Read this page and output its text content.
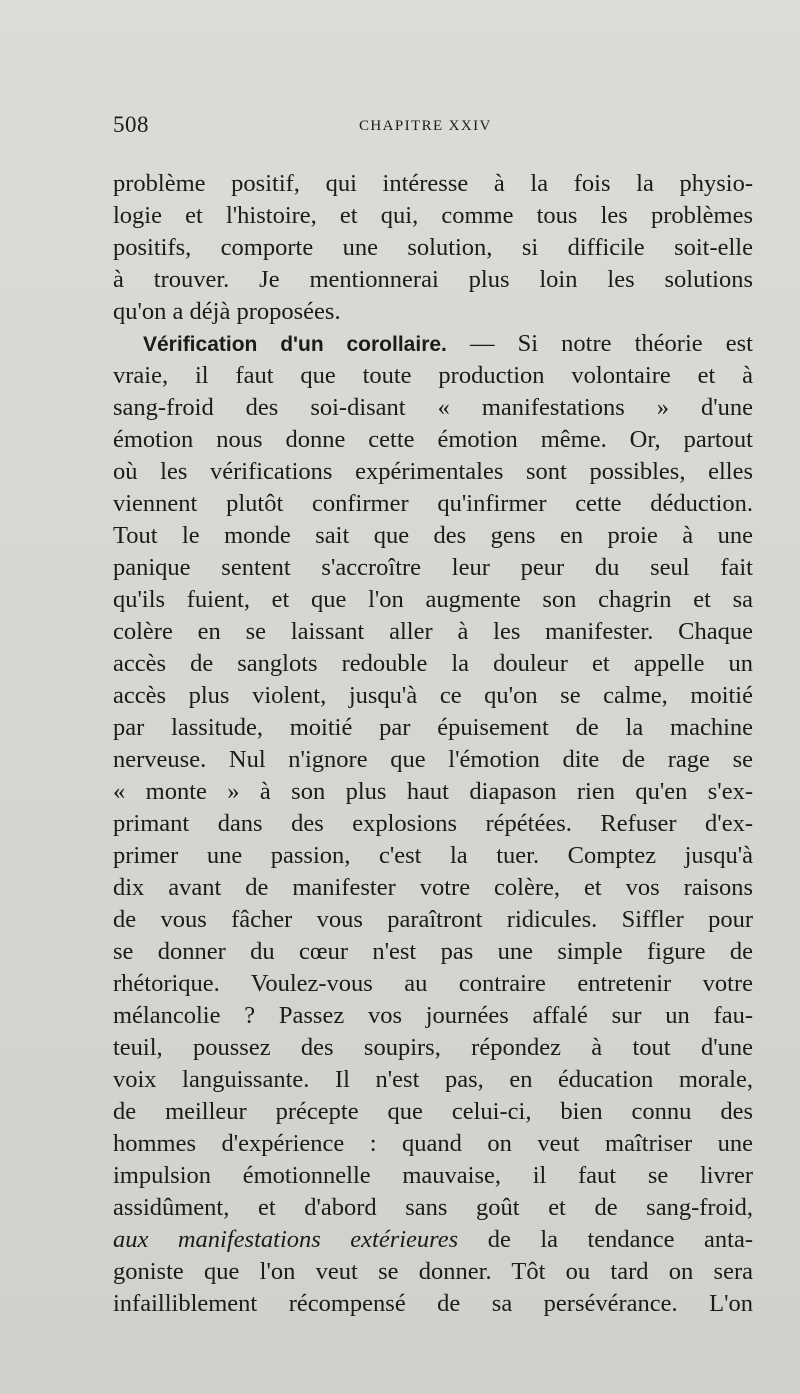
508	CHAPITRE XXIV
problème positif, qui intéresse à la fois la physio-
logie et l'histoire, et qui, comme tous les problèmes
positifs, comporte une solution, si difficile soit-elle
à trouver. Je mentionnerai plus loin les solutions
qu'on a déjà proposées.
Vérification d'un corollaire. — Si notre théorie est
vraie, il faut que toute production volontaire et à
sang-froid des soi-disant « manifestations » d'une
émotion nous donne cette émotion même. Or, partout
où les vérifications expérimentales sont possibles, elles
viennent plutôt confirmer qu'infirmer cette déduction.
Tout le monde sait que des gens en proie à une
panique sentent s'accroître leur peur du seul fait
qu'ils fuient, et que l'on augmente son chagrin et sa
colère en se laissant aller à les manifester. Chaque
accès de sanglots redouble la douleur et appelle un
accès plus violent, jusqu'à ce qu'on se calme, moitié
par lassitude, moitié par épuisement de la machine
nerveuse. Nul n'ignore que l'émotion dite de rage se
« monte » à son plus haut diapason rien qu'en s'ex-
primant dans des explosions répétées. Refuser d'ex-
primer une passion, c'est la tuer. Comptez jusqu'à
dix avant de manifester votre colère, et vos raisons
de vous fâcher vous paraîtront ridicules. Siffler pour
se donner du cœur n'est pas une simple figure de
rhétorique. Voulez-vous au contraire entretenir votre
mélancolie ? Passez vos journées affalé sur un fau-
teuil, poussez des soupirs, répondez à tout d'une
voix languissante. Il n'est pas, en éducation morale,
de meilleur précepte que celui-ci, bien connu des
hommes d'expérience : quand on veut maîtriser une
impulsion émotionnelle mauvaise, il faut se livrer
assidûment, et d'abord sans goût et de sang-froid,
aux manifestations extérieures de la tendance anta-
goniste que l'on veut se donner. Tôt ou tard on sera
infailliblement récompensé de sa persévérance. L'on
